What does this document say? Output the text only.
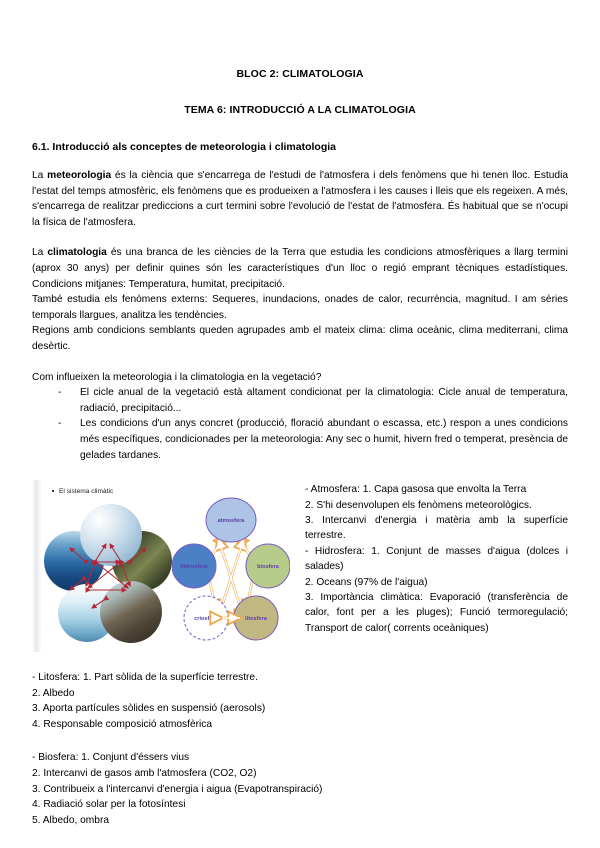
BLOC 2: CLIMATOLOGIA
TEMA 6: INTRODUCCIÓ A LA CLIMATOLOGIA
6.1. Introducció als conceptes de meteorologia i climatologia

La meteorologia és la ciència que s'encarrega de l'estudi de l'atmosfera i dels fenòmens que hi tenen lloc. Estudia l'estat del temps atmosfèric, els fenòmens que es produeixen a l'atmosfera i les causes i lleis que els regeixen. A més, s'encarrega de realitzar prediccions a curt termini sobre l'evolució de l'estat de l'atmosfera. És habitual que se n'ocupi la física de l'atmosfera.

La climatologia és una branca de les ciències de la Terra que estudia les condicions atmosfèriques a llarg termini (aprox 30 anys) per definir quines són les característiques d'un lloc o regió emprant tècniques estadístiques. Condicions mitjanes: Temperatura, humitat, precipitació.

També estudia els fenòmens externs: Sequeres, inundacions, onades de calor, recurrència, magnitud. I am sèries temporals llargues, analitza les tendències.

Regions amb condicions semblants queden agrupades amb el mateix clima: clima oceànic, clima mediterrani, clima desèrtic.

Com influeixen la meteorologia i la climatologia en la vegetació?

- El cicle anual de la vegetació està altament condicionat per la climatologia: Cicle anual de temperatura, radiació, precipitació...
- Les condicions d'un anys concret (producció, floració abundant o escassa, etc.) respon a unes condicions més específiques, condicionades per la meteorologia: Any sec o humit, hivern fred o temperat, presència de gelades tardanes.
El sistema climàtic
atmosfera
hidrosfera	biosfera
criosfera	litosfera

- Atmosfera: 1. Capa gasosa que envolta la Terra

2. S'hi desenvolupen els fenòmens meteorològics.

3. Intercanvi d'energia i matèria amb la superfície terrestre.

- Hidrosfera: 1. Conjunt de masses d'aigua (dolces i salades)

2. Oceans (97% de l'aigua)

3. Importància climàtica: Evaporació (transferència de calor, font per a les pluges); Funció termoregulació; Transport de calor( corrents oceàniques)

- Litosfera: 1. Part sòlida de la superfície terrestre.
2. Albedo
3. Aporta partícules sòlides en suspensió (aerosols)
4. Responsable composició atmosfèrica
- Biosfera: 1. Conjunt d'éssers vius
2. Intercanvi de gasos amb l'atmosfera (CO2, O2)
3. Contribueix a l'intercanvi d'energia i aigua (Evapotranspiració)
4. Radiació solar per la fotosíntesi
5. Albedo, ombra
